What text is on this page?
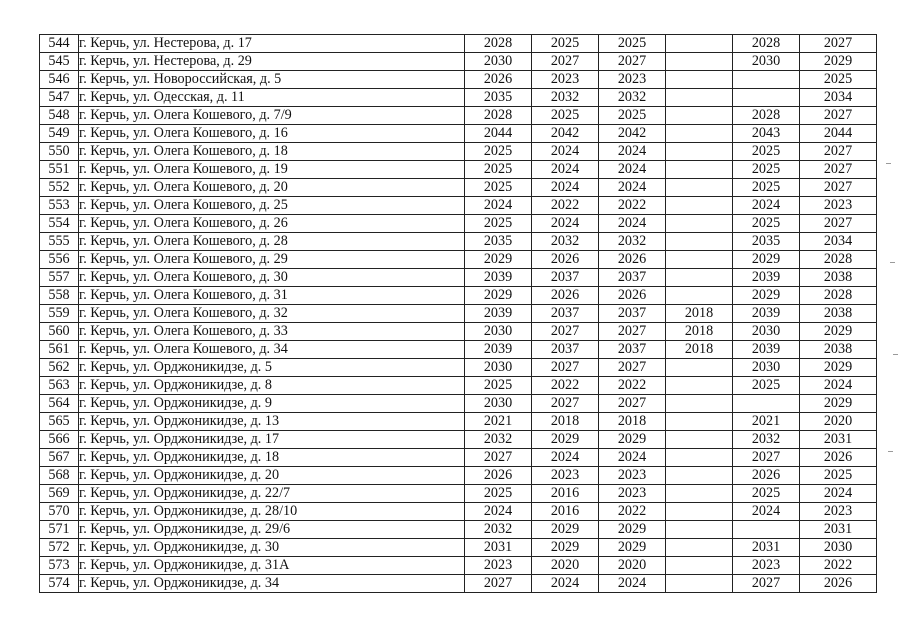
544	г. Керчь, ул. Нестерова, д. 17	2028	2025	2025		2028	2027
545	г. Керчь, ул. Нестерова, д. 29	2030	2027	2027		2030	2029
546	г. Керчь, ул. Новороссийская, д. 5	2026	2023	2023			2025
547	г. Керчь, ул. Одесская, д. 11	2035	2032	2032			2034
548	г. Керчь, ул. Олега Кошевого, д. 7/9	2028	2025	2025		2028	2027
549	г. Керчь, ул. Олега Кошевого, д. 16	2044	2042	2042		2043	2044
550	г. Керчь, ул. Олега Кошевого, д. 18	2025	2024	2024		2025	2027
551	г. Керчь, ул. Олега Кошевого, д. 19	2025	2024	2024		2025	2027
552	г. Керчь, ул. Олега Кошевого, д. 20	2025	2024	2024		2025	2027
553	г. Керчь, ул. Олега Кошевого, д. 25	2024	2022	2022		2024	2023
554	г. Керчь, ул. Олега Кошевого, д. 26	2025	2024	2024		2025	2027
555	г. Керчь, ул. Олега Кошевого, д. 28	2035	2032	2032		2035	2034
556	г. Керчь, ул. Олега Кошевого, д. 29	2029	2026	2026		2029	2028
557	г. Керчь, ул. Олега Кошевого, д. 30	2039	2037	2037		2039	2038
558	г. Керчь, ул. Олега Кошевого, д. 31	2029	2026	2026		2029	2028
559	г. Керчь, ул. Олега Кошевого, д. 32	2039	2037	2037	2018	2039	2038
560	г. Керчь, ул. Олега Кошевого, д. 33	2030	2027	2027	2018	2030	2029
561	г. Керчь, ул. Олега Кошевого, д. 34	2039	2037	2037	2018	2039	2038
562	г. Керчь, ул. Орджоникидзе, д. 5	2030	2027	2027		2030	2029
563	г. Керчь, ул. Орджоникидзе, д. 8	2025	2022	2022		2025	2024
564	г. Керчь, ул. Орджоникидзе, д. 9	2030	2027	2027			2029
565	г. Керчь, ул. Орджоникидзе, д. 13	2021	2018	2018		2021	2020
566	г. Керчь, ул. Орджоникидзе, д. 17	2032	2029	2029		2032	2031
567	г. Керчь, ул. Орджоникидзе, д. 18	2027	2024	2024		2027	2026
568	г. Керчь, ул. Орджоникидзе, д. 20	2026	2023	2023		2026	2025
569	г. Керчь, ул. Орджоникидзе, д. 22/7	2025	2016	2023		2025	2024
570	г. Керчь, ул. Орджоникидзе, д. 28/10	2024	2016	2022		2024	2023
571	г. Керчь, ул. Орджоникидзе, д. 29/6	2032	2029	2029			2031
572	г. Керчь, ул. Орджоникидзе, д. 30	2031	2029	2029		2031	2030
573	г. Керчь, ул. Орджоникидзе, д. 31А	2023	2020	2020		2023	2022
574	г. Керчь, ул. Орджоникидзе, д. 34	2027	2024	2024		2027	2026
